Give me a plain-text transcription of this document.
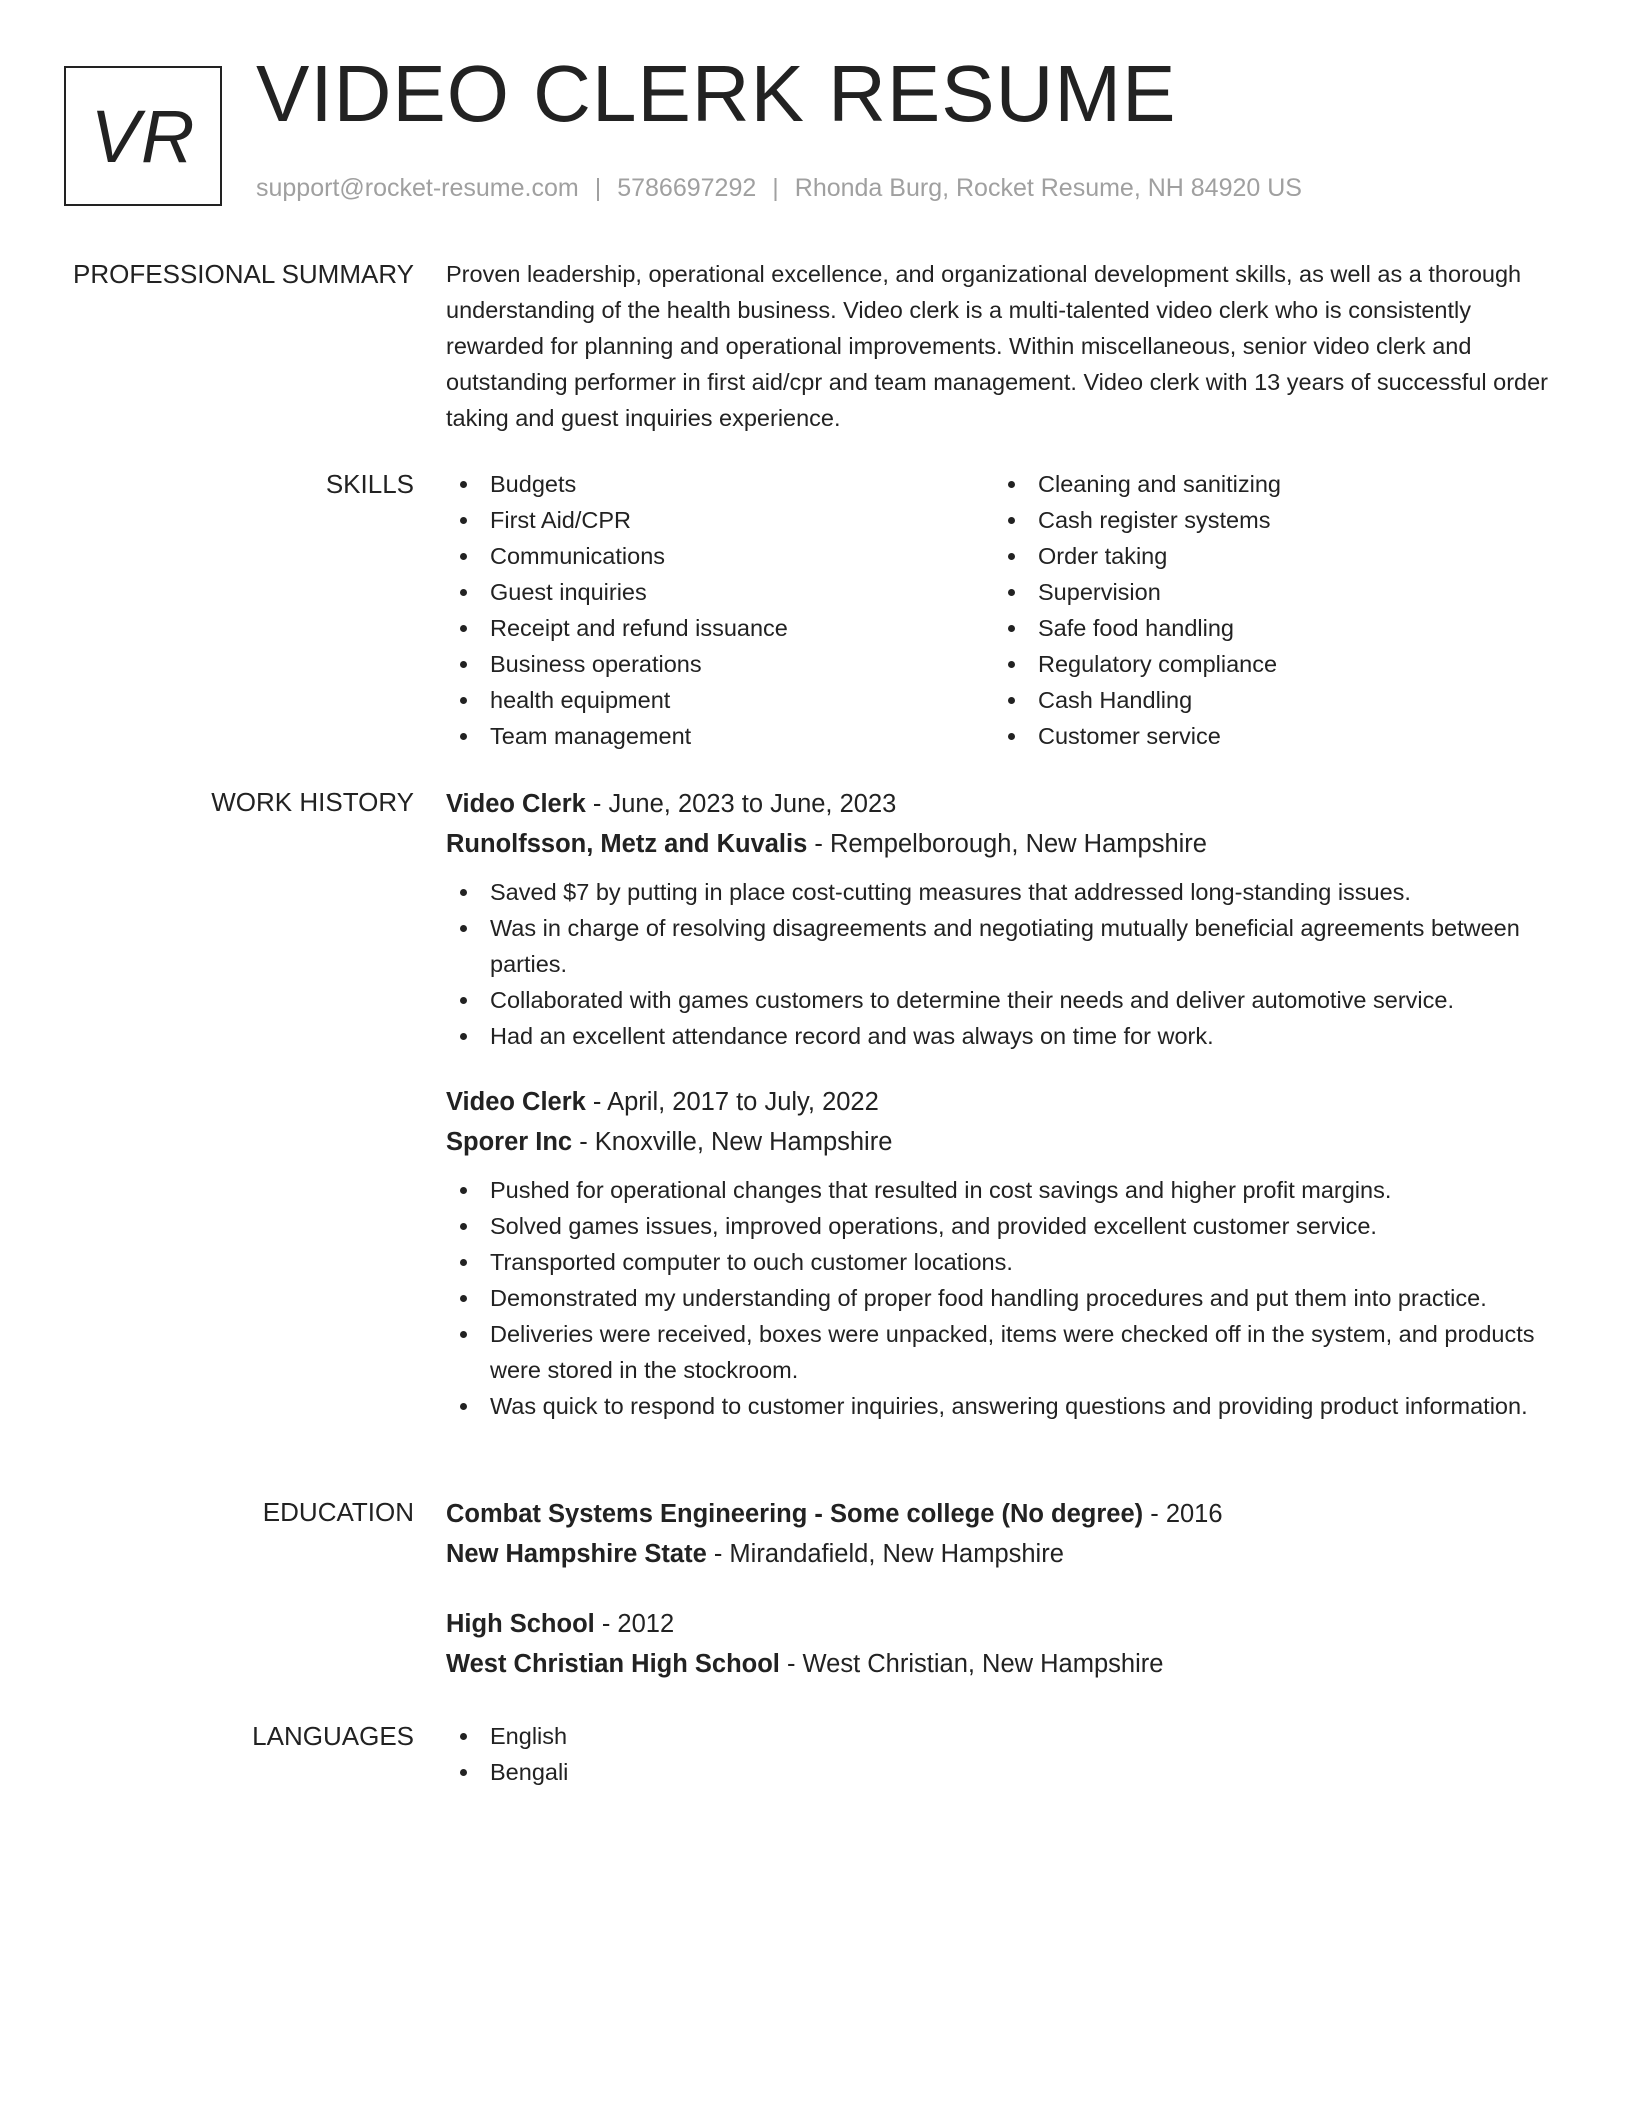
VR VIDEO CLERK RESUME
support@rocket-resume.com | 5786697292 | Rhonda Burg, Rocket Resume, NH 84920 US
PROFESSIONAL SUMMARY Proven leadership, operational excellence, and organizational development skills, as well as a thorough understanding of the health business. Video clerk is a multi-talented video clerk who is consistently rewarded for planning and operational improvements. Within miscellaneous, senior video clerk and outstanding performer in first aid/cpr and team management. Video clerk with 13 years of successful order taking and guest inquiries experience.

SKILLS	Budgets
First Aid/CPR
Communications
Guest inquiries
Receipt and refund issuance
Business operations
health equipment
Team management
Cleaning and sanitizing
Cash register systems
Order taking
Supervision
Safe food handling
Regulatory compliance
Cash Handling
Customer service
WORK HISTORY Video Clerk - June, 2023 to June, 2023
Runolfsson, Metz and Kuvalis - Rempelborough, New Hampshire
Saved $7 by putting in place cost-cutting measures that addressed long-standing issues.
Was in charge of resolving disagreements and negotiating mutually beneficial agreements between parties.
Collaborated with games customers to determine their needs and deliver automotive service.
Had an excellent attendance record and was always on time for work.
Video Clerk - April, 2017 to July, 2022
Sporer Inc - Knoxville, New Hampshire
Pushed for operational changes that resulted in cost savings and higher profit margins.
Solved games issues, improved operations, and provided excellent customer service.
Transported computer to ouch customer locations.
Demonstrated my understanding of proper food handling procedures and put them into practice.
Deliveries were received, boxes were unpacked, items were checked off in the system, and products were stored in the stockroom.
Was quick to respond to customer inquiries, answering questions and providing product information.
EDUCATION Combat Systems Engineering - Some college (No degree) - 2016
New Hampshire State - Mirandafield, New Hampshire
High School - 2012
West Christian High School - West Christian, New Hampshire
LANGUAGES	English
Bengali
